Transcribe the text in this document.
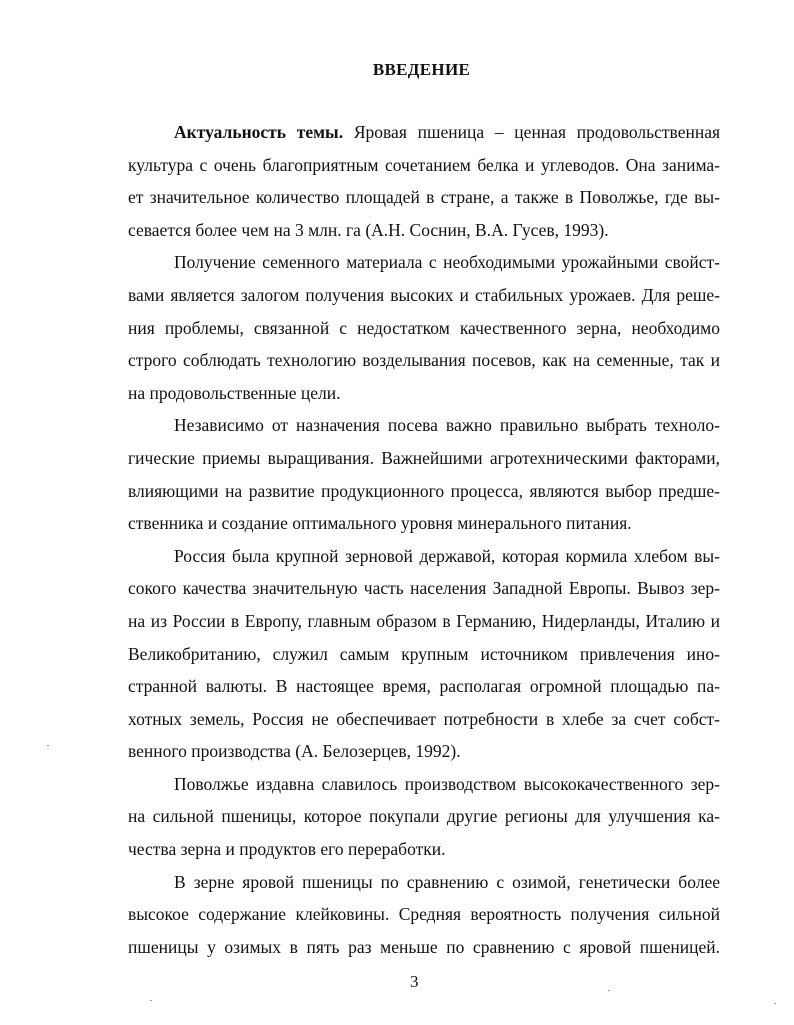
ВВЕДЕНИЕ
Актуальность темы. Яровая пшеница – ценная продовольственная
культура с очень благоприятным сочетанием белка и углеводов. Она занима-
ет значительное количество площадей в стране, а также в Поволжье, где вы-
севается более чем на 3 млн. га (А.Н. Соснин, В.А. Гусев, 1993).
Получение семенного материала с необходимыми урожайными свойст-
вами является залогом получения высоких и стабильных урожаев. Для реше-
ния проблемы, связанной с недостатком качественного зерна, необходимо
строго соблюдать технологию возделывания посевов, как на семенные, так и
на продовольственные цели.
Независимо от назначения посева важно правильно выбрать техноло-
гические приемы выращивания. Важнейшими агротехническими факторами,
влияющими на развитие продукционного процесса, являются выбор предше-
ственника и создание оптимального уровня минерального питания.
Россия была крупной зерновой державой, которая кормила хлебом вы-
сокого качества значительную часть населения Западной Европы. Вывоз зер-
на из России в Европу, главным образом в Германию, Нидерланды, Италию и
Великобританию, служил самым крупным источником привлечения ино-
странной валюты. В настоящее время, располагая огромной площадью па-
хотных земель, Россия не обеспечивает потребности в хлебе за счет собст-
венного производства (А. Белозерцев, 1992).
Поволжье издавна славилось производством высококачественного зер-
на сильной пшеницы, которое покупали другие регионы для улучшения ка-
чества зерна и продуктов его переработки.
В зерне яровой пшеницы по сравнению с озимой, генетически более
высокое содержание клейковины. Средняя вероятность получения сильной
пшеницы у озимых в пять раз меньше по сравнению с яровой пшеницей.
3
